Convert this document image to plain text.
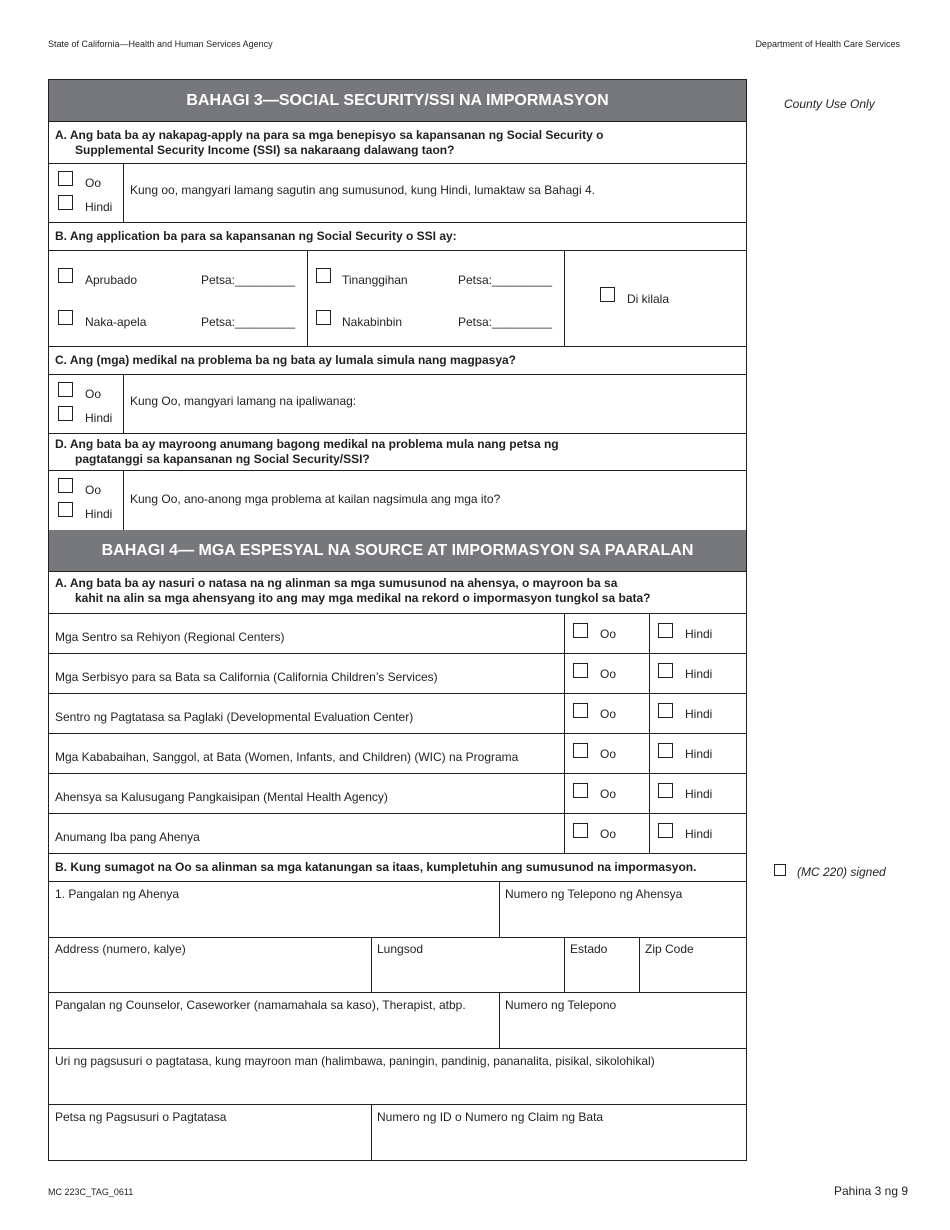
State of California—Health and Human Services Agency	Department of Health Care Services
County Use Only
(MC 220) signed
BAHAGI 3—SOCIAL SECURITY/SSI NA IMPORMASYON
A. Ang bata ba ay nakapag-apply na para sa mga benepisyo sa kapansanan ng Social Security o
Supplemental Security Income (SSI) sa nakaraang dalawang taon?
Oo
Hindi
Kung oo, mangyari lamang sagutin ang sumusunod, kung Hindi, lumaktaw sa Bahagi 4.
B. Ang application ba para sa kapansanan ng Social Security o SSI ay:
Aprubado	Petsa:_________
Naka-apela	Petsa:_________
Tinanggihan	Petsa:_________
Nakabinbin	Petsa:_________
Di kilala
C. Ang (mga) medikal na problema ba ng bata ay lumala simula nang magpasya?
Oo
Hindi
Kung Oo, mangyari lamang na ipaliwanag:
D. Ang bata ba ay mayroong anumang bagong medikal na problema mula nang petsa ng
pagtatanggi sa kapansanan ng Social Security/SSI?
Oo
Hindi
Kung Oo, ano-anong mga problema at kailan nagsimula ang mga ito?
BAHAGI 4— MGA ESPESYAL NA SOURCE AT IMPORMASYON SA PAARALAN
A. Ang bata ba ay nasuri o natasa na ng alinman sa mga sumusunod na ahensya, o mayroon ba sa
kahit na alin sa mga ahensyang ito ang may mga medikal na rekord o impormasyon tungkol sa bata?
Mga Sentro sa Rehiyon (Regional Centers)	Oo	Hindi
Mga Serbisyo para sa Bata sa California (California Children’s Services)	Oo	Hindi
Sentro ng Pagtatasa sa Paglaki (Developmental Evaluation Center)	Oo	Hindi
Mga Kababaihan, Sanggol, at Bata (Women, Infants, and Children) (WIC) na Programa	Oo	Hindi
Ahensya sa Kalusugang Pangkaisipan (Mental Health Agency)	Oo	Hindi
Anumang Iba pang Ahenya	Oo	Hindi
B. Kung sumagot na Oo sa alinman sa mga katanungan sa itaas, kumpletuhin ang sumusunod na impormasyon.
1. Pangalan ng Ahenya	Numero ng Telepono ng Ahensya
Address (numero, kalye)	Lungsod	Estado	Zip Code
Pangalan ng Counselor, Caseworker (namamahala sa kaso), Therapist, atbp.	Numero ng Telepono
Uri ng pagsusuri o pagtatasa, kung mayroon man (halimbawa, paningin, pandinig, pananalita, pisikal, sikolohikal)
Petsa ng Pagsusuri o Pagtatasa	Numero ng ID o Numero ng Claim ng Bata
MC 223C_TAG_0611	Pahina 3 ng 9
